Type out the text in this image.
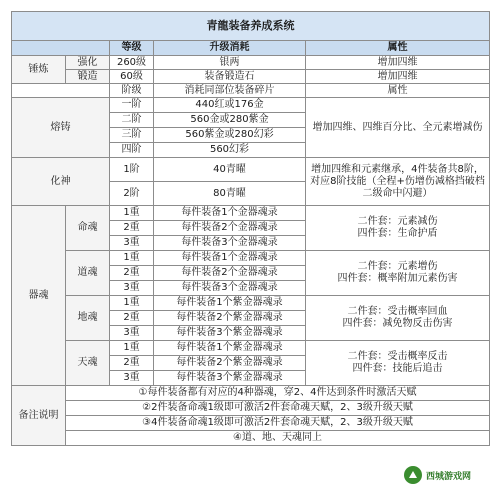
青龍装备养成系统				
		等级	升级消耗	属性
锤炼	强化	260级	银两	增加四维
	锻造	60级	装备锻造石	增加四维
		阶级	消耗同部位装备碎片	属性
熔铸		一阶	440红或176金	增加四维、四维百分比、全元素增减伤
		二阶	560金或280紫金	
		三阶	560紫金或280幻彩	
		四阶	560幻彩	
化神		1阶	40青曜	增加四维和元素继承，4件装备共8阶，对应8阶技能（全程+伤增伤减格挡破档二级命中闪避）
		2阶	80青曜	
器魂	命魂	1重	每件装备1个金器魂录	二件套：元素减伤
四件套：生命护盾

		2重	每件装备2个金器魂录	
		3重	每件装备3个金器魂录	
	道魂	1重	每件装备1个金器魂录	二件套：元素增伤
四件套：概率附加元素伤害

		2重	每件装备2个金器魂录	
		3重	每件装备3个金器魂录	
	地魂	1重	每件装备1个紫金器魂录	二件套：受击概率回血
四件套：减免物反击伤害

		2重	每件装备2个紫金器魂录	
		3重	每件装备3个紫金器魂录	
	天魂	1重	每件装备1个紫金器魂录	二件套：受击概率反击
四件套：技能后追击

		2重	每件装备2个紫金器魂录	
		3重	每件装备3个紫金器魂录	
备注说明	①每件装备都有对应的4种器魂，穿2、4件达到条件时激活天赋			
	②2件装备命魂1级即可激活2件套命魂天赋，2、3级升级天赋			
	③4件装备命魂1级即可激活2件套命魂天赋，2、3级升级天赋			
	④道、地、天魂同上			
西城游戏网
